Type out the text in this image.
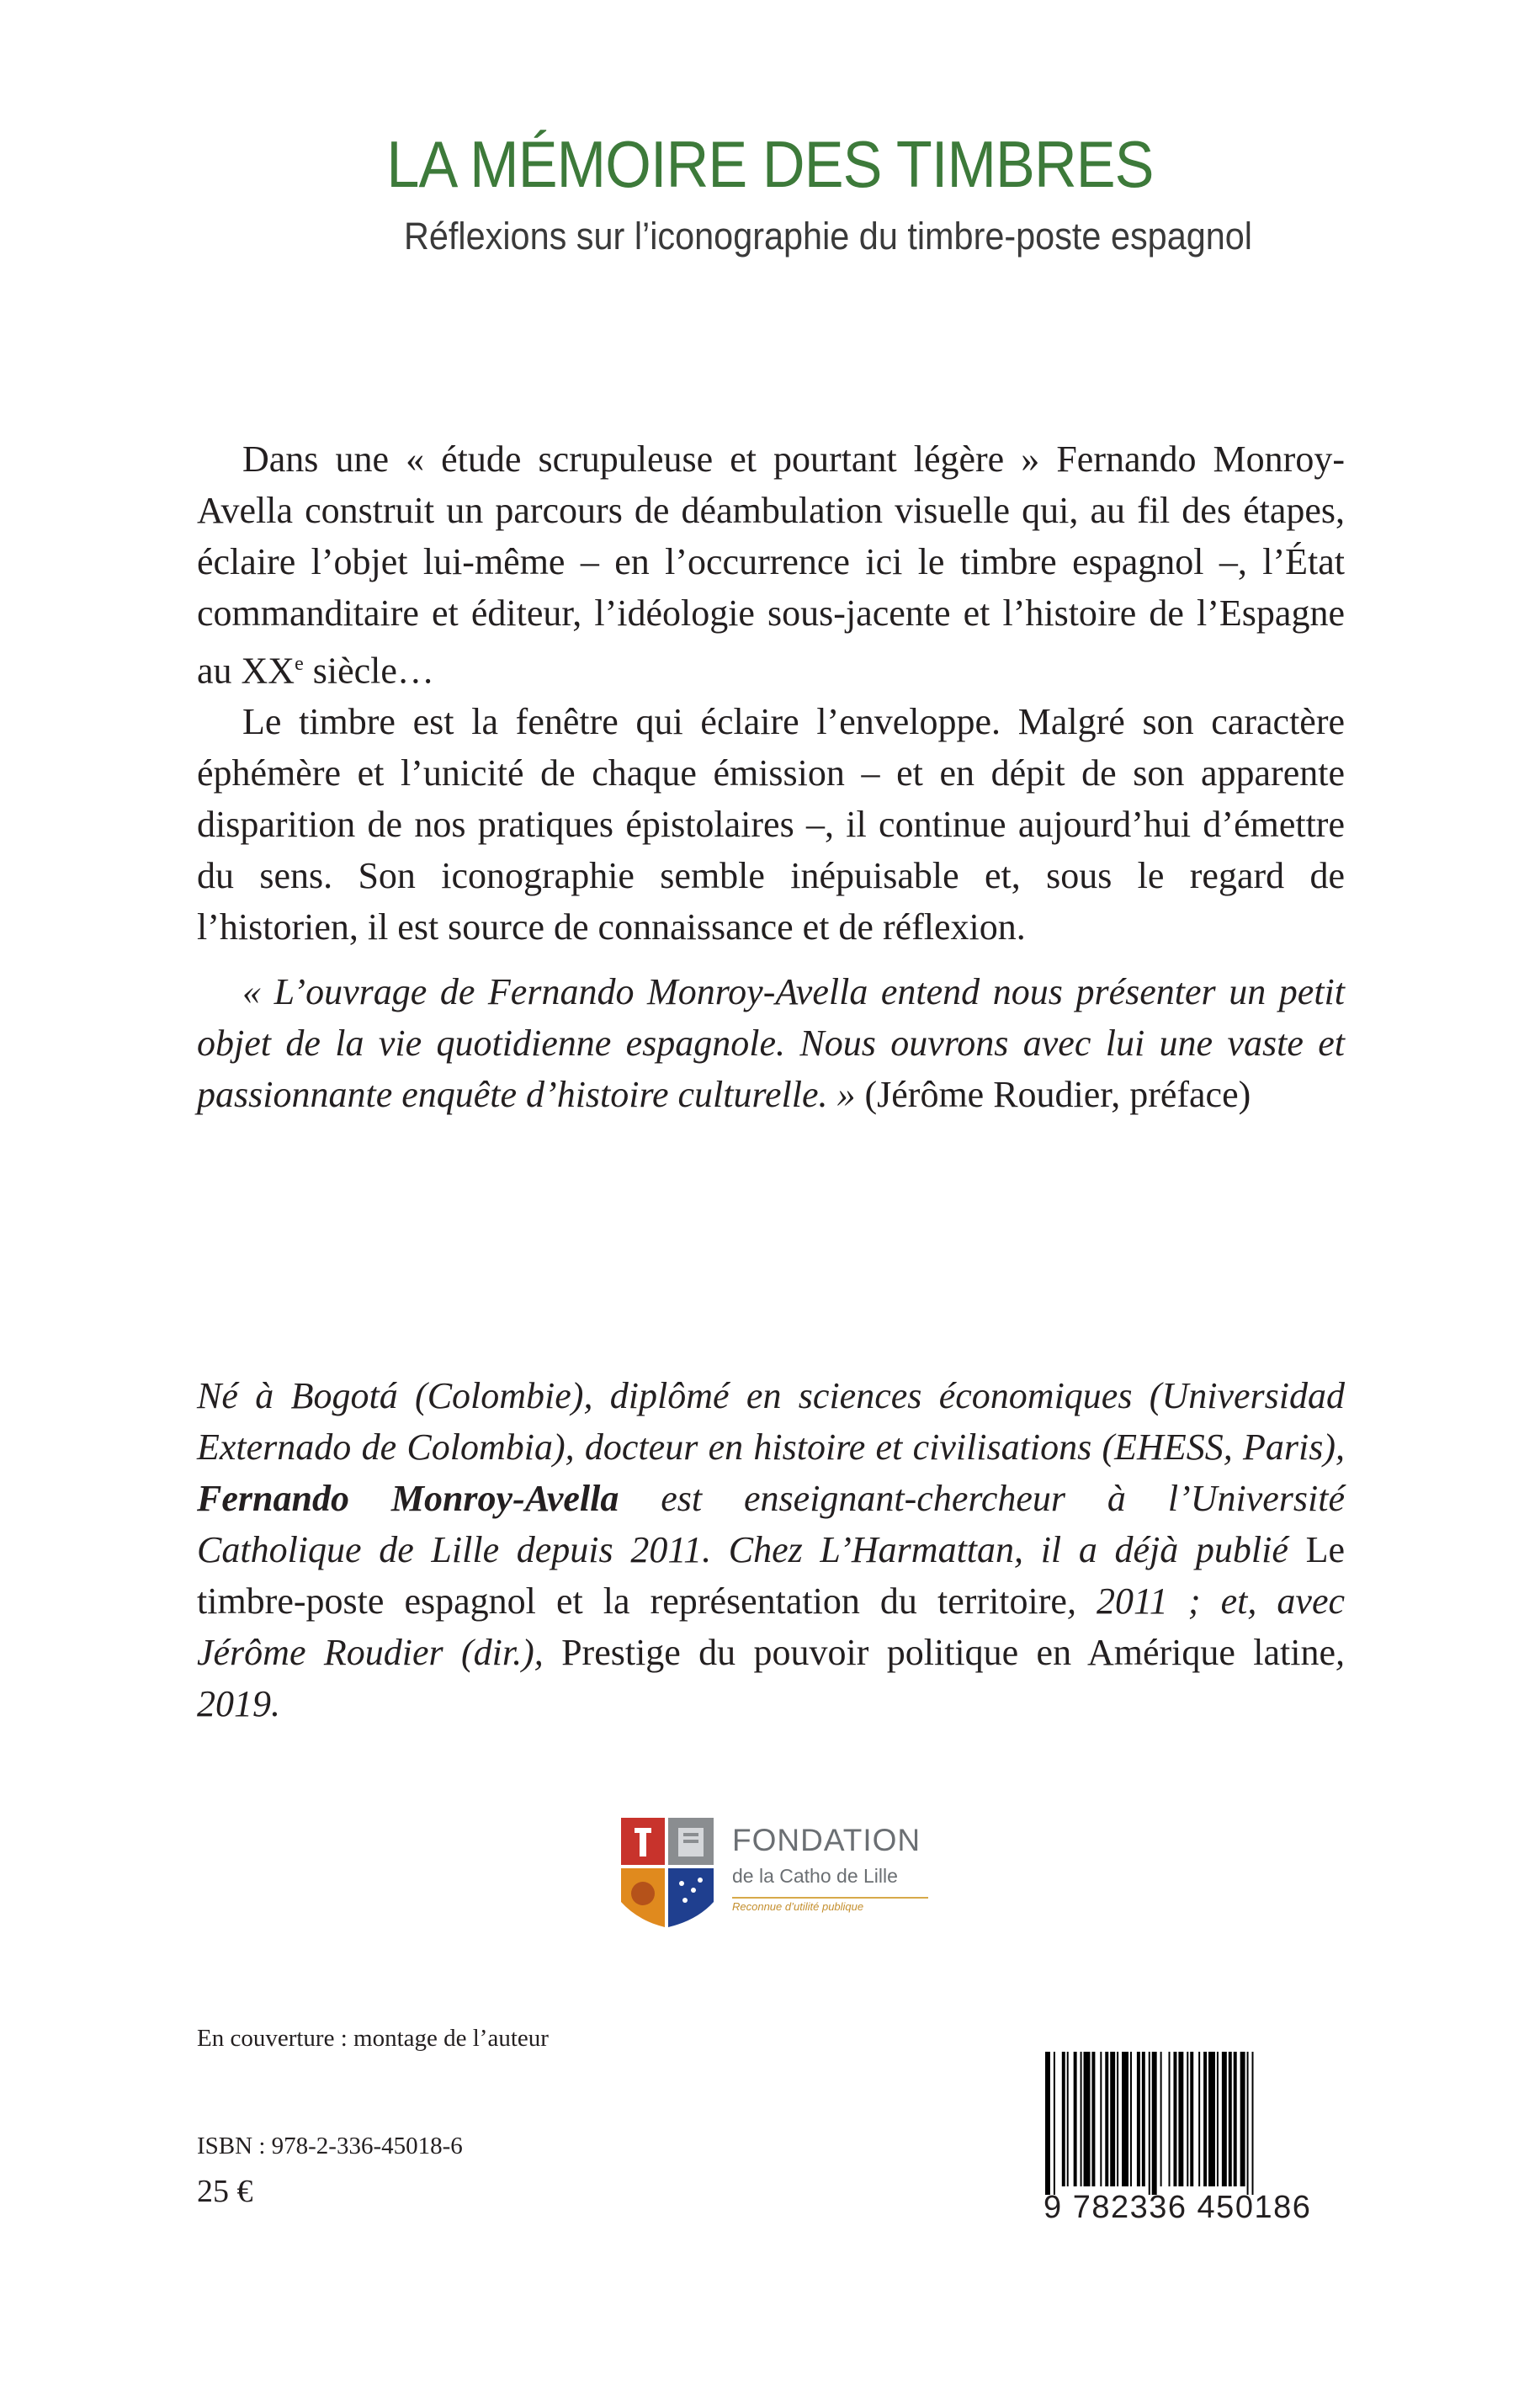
LA MÉMOIRE DES TIMBRES
Réflexions sur l’iconographie du timbre-poste espagnol

Dans une « étude scrupuleuse et pourtant légère » Fernando Monroy-Avella construit un parcours de déambulation visuelle qui, au fil des étapes, éclaire l’objet lui-même – en l’occurrence ici le timbre espagnol –, l’État commanditaire et éditeur, l’idéologie sous-jacente et l’histoire de l’Espagne au XXe siècle…

Le timbre est la fenêtre qui éclaire l’enveloppe. Malgré son caractère éphémère et l’unicité de chaque émission – et en dépit de son apparente disparition de nos pratiques épistolaires –, il continue aujourd’hui d’émettre du sens. Son iconographie semble inépuisable et, sous le regard de l’historien, il est source de connaissance et de réflexion.

« L’ouvrage de Fernando Monroy-Avella entend nous présenter un petit objet de la vie quotidienne espagnole. Nous ouvrons avec lui une vaste et passionnante enquête d’histoire culturelle. » (Jérôme Roudier, préface)

Né à Bogotá (Colombie), diplômé en sciences économiques (Universidad Externado de Colombia), docteur en histoire et civilisations (EHESS, Paris), Fernando Monroy-Avella est enseignant-chercheur à l’Université Catholique de Lille depuis 2011. Chez L’Harmattan, il a déjà publié Le timbre-poste espagnol et la représentation du territoire, 2011 ; et, avec Jérôme Roudier (dir.), Prestige du pouvoir politique en Amérique latine, 2019.

FONDATION
de la Catho de Lille
Reconnue d’utilité publique
En couverture : montage de l’auteur
ISBN : 978-2-336-45018-6
25 €	9 782336 450186
